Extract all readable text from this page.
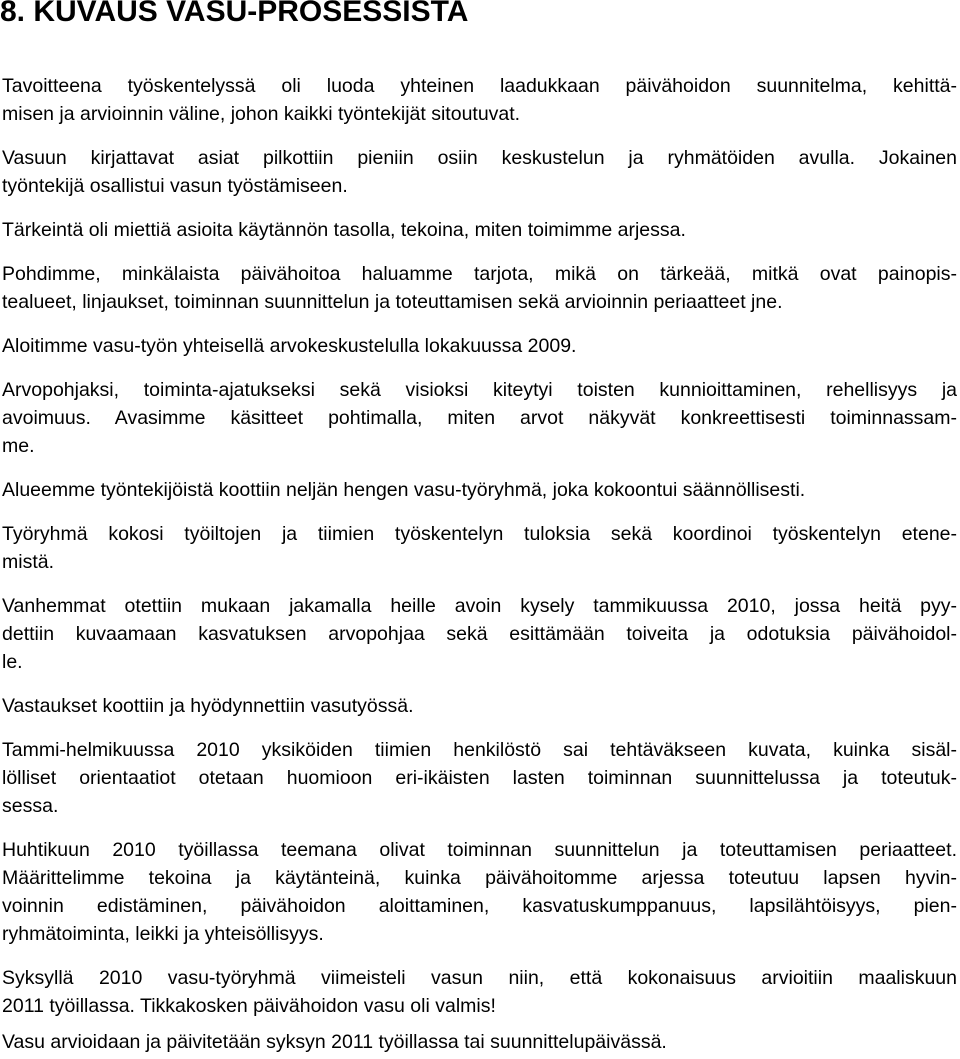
8. KUVAUS VASU-PROSESSISTA

Tavoitteena työskentelyssä oli luoda yhteinen laadukkaan päivähoidon suunnitelma, kehittä-
misen ja arvioinnin väline, johon kaikki työntekijät sitoutuvat.

Vasuun kirjattavat asiat pilkottiin pieniin osiin keskustelun ja ryhmätöiden avulla. Jokainen
työntekijä osallistui vasun työstämiseen.

Tärkeintä oli miettiä asioita käytännön tasolla, tekoina, miten toimimme arjessa.

Pohdimme, minkälaista päivähoitoa haluamme tarjota, mikä on tärkeää, mitkä ovat painopis-
tealueet, linjaukset, toiminnan suunnittelun ja toteuttamisen sekä arvioinnin periaatteet jne.

Aloitimme vasu-työn yhteisellä arvokeskustelulla lokakuussa 2009.

Arvopohjaksi, toiminta-ajatukseksi sekä visioksi kiteytyi toisten kunnioittaminen, rehellisyys ja
avoimuus. Avasimme käsitteet pohtimalla, miten arvot näkyvät konkreettisesti toiminnassam-
me.

Alueemme työntekijöistä koottiin neljän hengen vasu-työryhmä, joka kokoontui säännöllisesti.

Työryhmä kokosi työiltojen ja tiimien työskentelyn tuloksia sekä koordinoi työskentelyn etene-
mistä.

Vanhemmat otettiin mukaan jakamalla heille avoin kysely tammikuussa 2010, jossa heitä pyy-
dettiin kuvaamaan kasvatuksen arvopohjaa sekä esittämään toiveita ja odotuksia päivähoidol-
le.

Vastaukset koottiin ja hyödynnettiin vasutyössä.

Tammi-helmikuussa 2010 yksiköiden tiimien henkilöstö sai tehtäväkseen kuvata, kuinka sisäl-
lölliset orientaatiot otetaan huomioon eri-ikäisten lasten toiminnan suunnittelussa ja toteutuk-
sessa.

Huhtikuun 2010 työillassa teemana olivat toiminnan suunnittelun ja toteuttamisen periaatteet.
Määrittelimme tekoina ja käytänteinä, kuinka päivähoitomme arjessa toteutuu lapsen hyvin-
voinnin edistäminen, päivähoidon aloittaminen, kasvatuskumppanuus, lapsilähtöisyys, pien-
ryhmätoiminta, leikki ja yhteisöllisyys.

Syksyllä 2010 vasu-työryhmä viimeisteli vasun niin, että kokonaisuus arvioitiin maaliskuun
2011 työillassa. Tikkakosken päivähoidon vasu oli valmis!

Vasu arvioidaan ja päivitetään syksyn 2011 työillassa tai suunnittelupäivässä.
